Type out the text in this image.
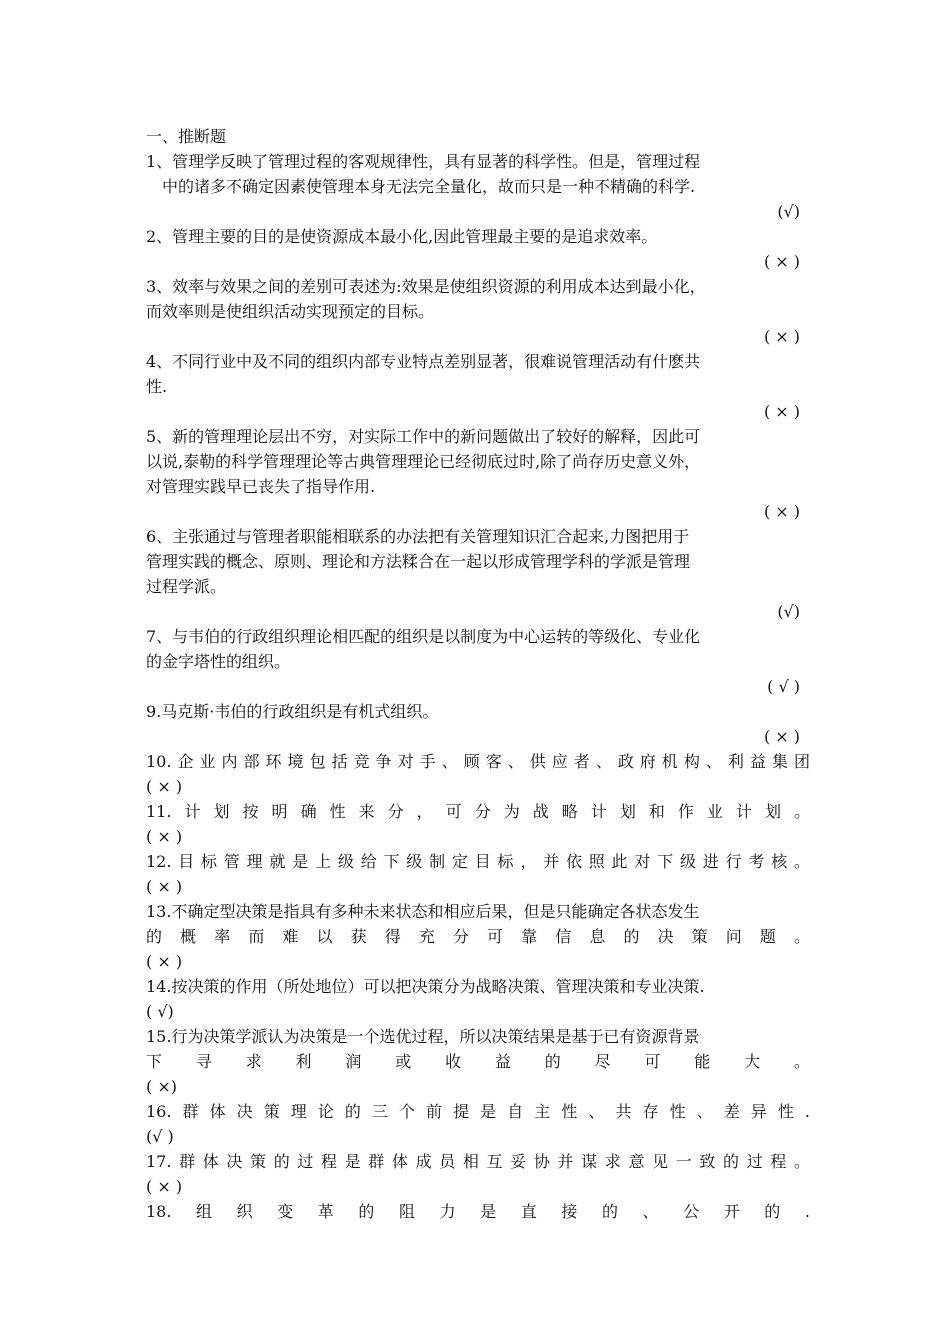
一、推断题
1、管理学反映了管理过程的客观规律性，具有显著的科学性。但是，管理过程
中的诸多不确定因素使管理本身无法完全量化，故而只是一种不精确的科学.
(√)
2、管理主要的目的是使资源成本最小化,因此管理最主要的是追求效率。
( × )
3、效率与效果之间的差别可表述为:效果是使组织资源的利用成本达到最小化，
而效率则是使组织活动实现预定的目标。
( × )
4、不同行业中及不同的组织内部专业特点差别显著，很难说管理活动有什麽共
性.
( × )
5、新的管理理论层出不穷，对实际工作中的新问题做出了较好的解释，因此可
以说,泰勒的科学管理理论等古典管理理论已经彻底过时,除了尚存历史意义外，
对管理实践早已丧失了指导作用.
( × )
6、主张通过与管理者职能相联系的办法把有关管理知识汇合起来,力图把用于
管理实践的概念、原则、理论和方法糅合在一起以形成管理学科的学派是管理
过程学派。
(√)
7、与韦伯的行政组织理论相匹配的组织是以制度为中心运转的等级化、专业化
的金字塔性的组织。
( √ )
9.马克斯·韦伯的行政组织是有机式组织。
( × )
10.企业内部环境包括竞争对手、顾客、供应者、政府机构、利益集团
( × )
11.计划按明确性来分，可分为战略计划和作业计划。
( × )
12.目标管理就是上级给下级制定目标，并依照此对下级进行考核。
( × )
13.不确定型决策是指具有多种未来状态和相应后果，但是只能确定各状态发生
的概率而难以获得充分可靠信息的决策问题。
( × )
14.按决策的作用（所处地位）可以把决策分为战略决策、管理决策和专业决策.
( √)
15.行为决策学派认为决策是一个选优过程，所以决策结果是基于已有资源背景
下寻求利润或收益的尽可能大。
( ×)
16.群体决策理论的三个前提是自主性、共存性、差异性.
(√ )
17.群体决策的过程是群体成员相互妥协并谋求意见一致的过程。
( × )
18.组织变革的阻力是直接的、公开的.
